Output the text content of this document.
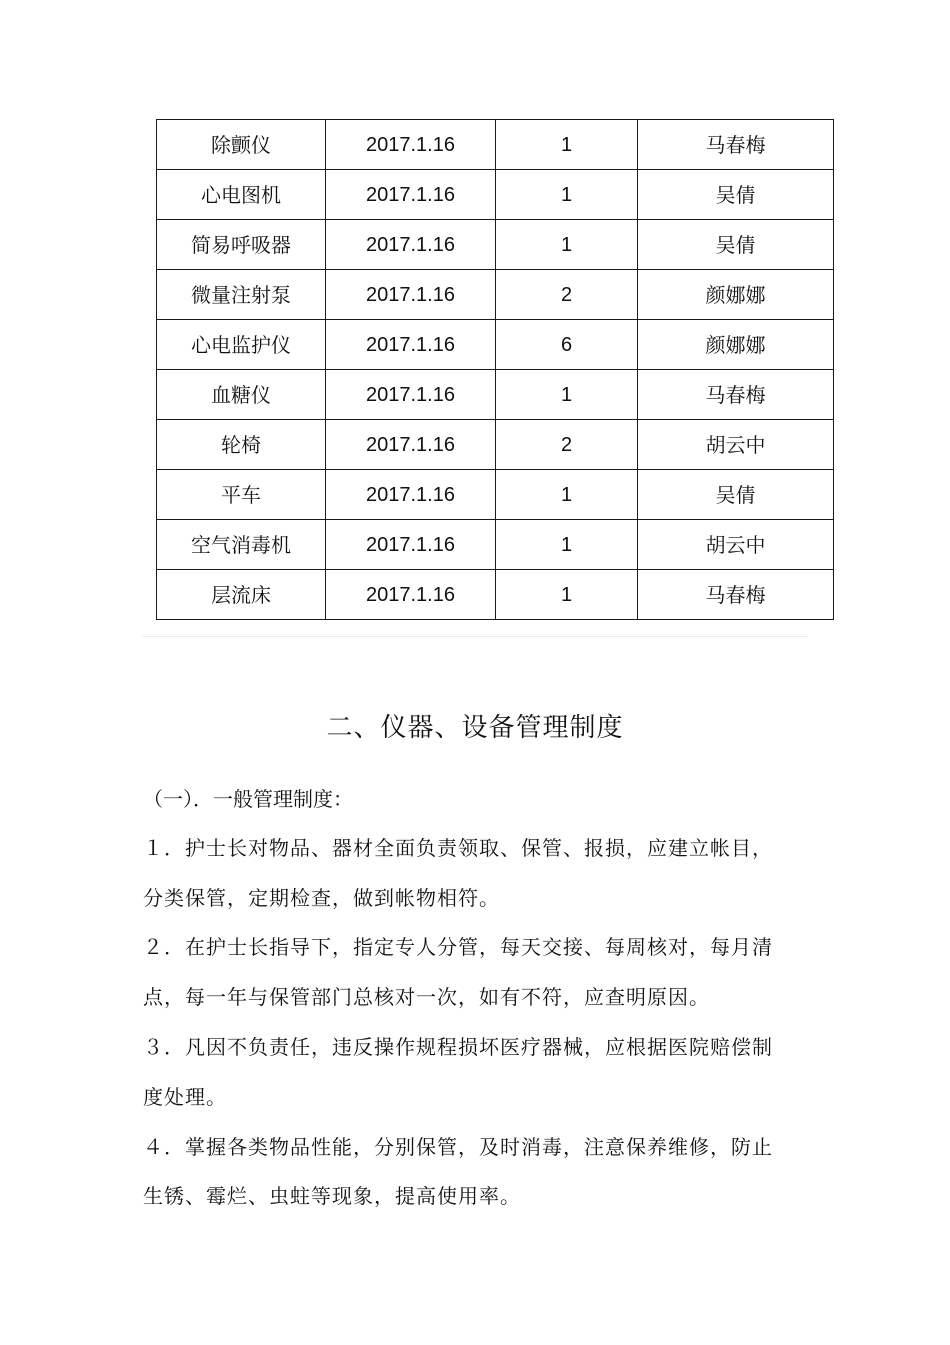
除颤仪	2017.1.16	1	马春梅
心电图机	2017.1.16	1	吴倩
简易呼吸器	2017.1.16	1	吴倩
微量注射泵	2017.1.16	2	颜娜娜
心电监护仪	2017.1.16	6	颜娜娜
血糖仪	2017.1.16	1	马春梅
轮椅	2017.1.16	2	胡云中
平车	2017.1.16	1	吴倩
空气消毒机	2017.1.16	1	胡云中
层流床	2017.1.16	1	马春梅
二、仪器、设备管理制度
（一）．一般管理制度：
１．护士长对物品、器材全面负责领取、保管、报损，应建立帐目，
分类保管，定期检查，做到帐物相符。
２．在护士长指导下，指定专人分管，每天交接、每周核对，每月清
点，每一年与保管部门总核对一次，如有不符，应查明原因。
３．凡因不负责任，违反操作规程损坏医疗器械，应根据医院赔偿制
度处理。
４．掌握各类物品性能，分别保管，及时消毒，注意保养维修，防止
生锈、霉烂、虫蛀等现象，提高使用率。
